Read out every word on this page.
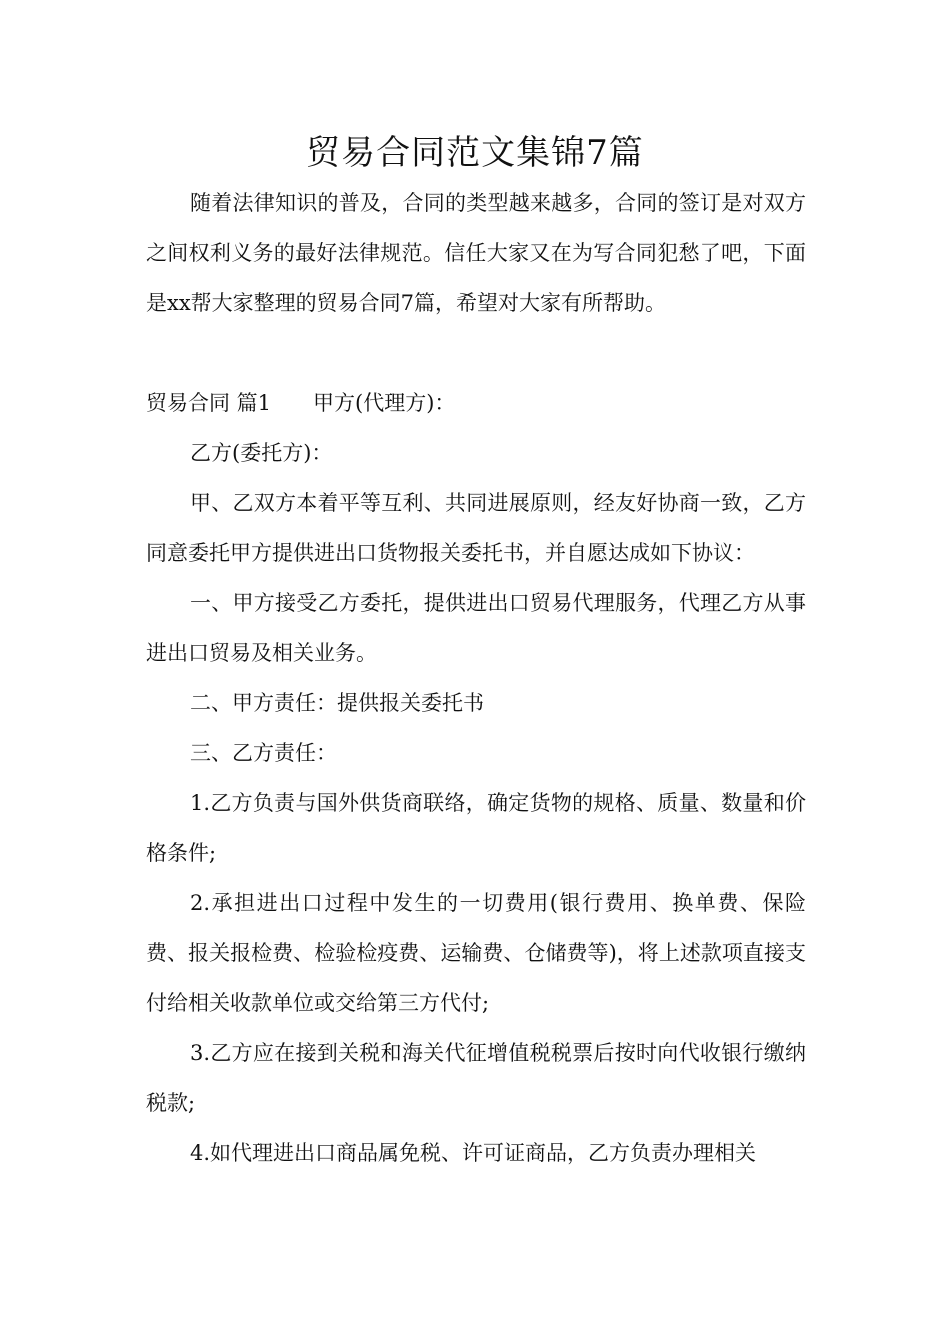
贸易合同范文集锦7篇

随着法律知识的普及，合同的类型越来越多，合同的签订是对双方之间权利义务的最好法律规范。信任大家又在为写合同犯愁了吧，下面是xx帮大家整理的贸易合同7篇，希望对大家有所帮助。

贸易合同 篇1 甲方(代理方)：

乙方(委托方)：

甲、乙双方本着平等互利、共同进展原则，经友好协商一致，乙方同意委托甲方提供进出口货物报关委托书，并自愿达成如下协议：

一、甲方接受乙方委托，提供进出口贸易代理服务，代理乙方从事进出口贸易及相关业务。

二、甲方责任：提供报关委托书

三、乙方责任：

1.乙方负责与国外供货商联络，确定货物的规格、质量、数量和价格条件;

2.承担进出口过程中发生的一切费用(银行费用、换单费、保险费、报关报检费、检验检疫费、运输费、仓储费等)，将上述款项直接支付给相关收款单位或交给第三方代付;

3.乙方应在接到关税和海关代征增值税税票后按时向代收银行缴纳税款;

4.如代理进出口商品属免税、许可证商品，乙方负责办理相关
